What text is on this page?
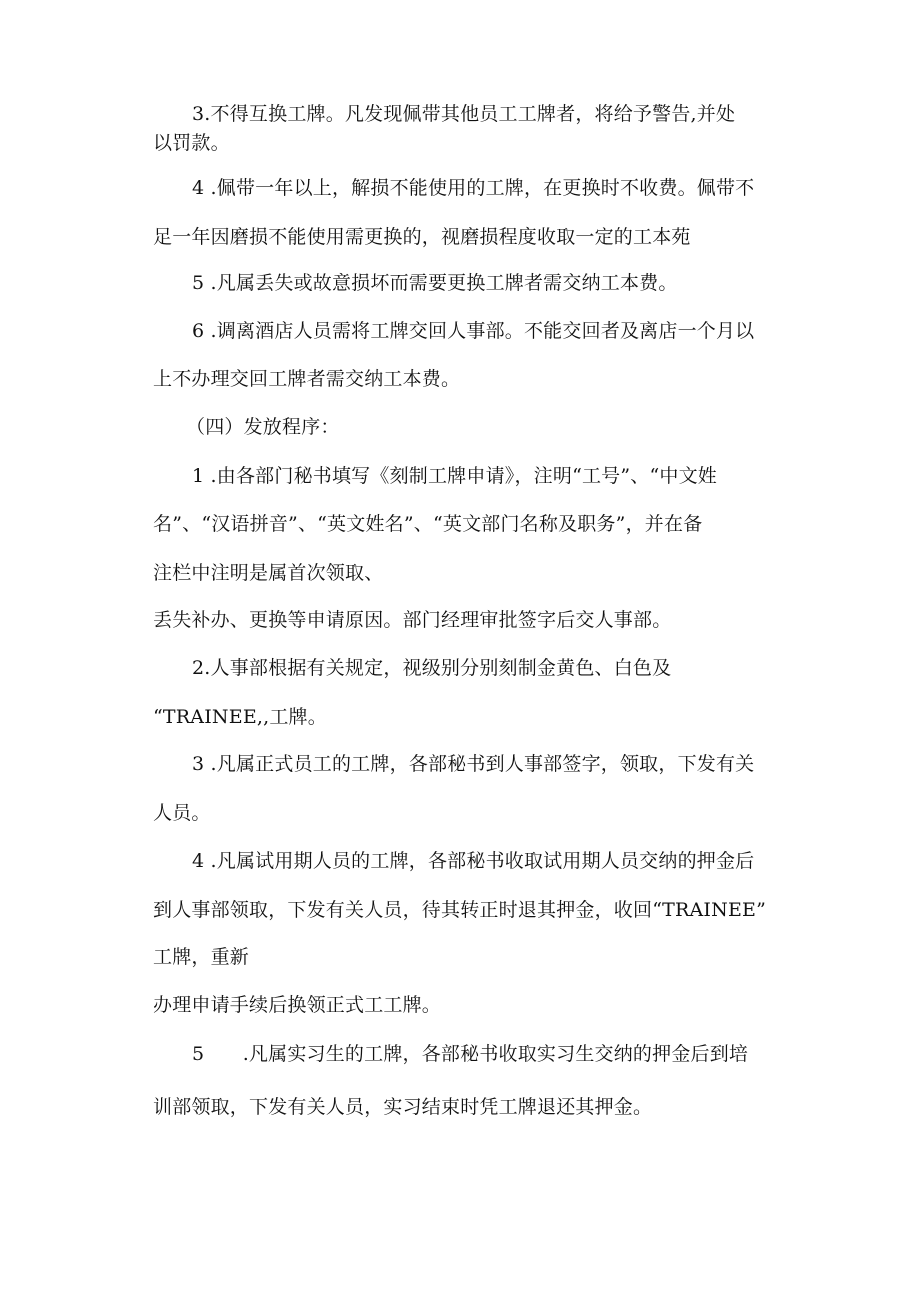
3.不得互换工牌。凡发现佩带其他员工工牌者，将给予警告,并处
以罚款。
4 .佩带一年以上，解损不能使用的工牌，在更换时不收费。佩带不
足一年因磨损不能使用需更换的，视磨损程度收取一定的工本苑
5 .凡属丢失或故意损坏而需要更换工牌者需交纳工本费。
6 .调离酒店人员需将工牌交回人事部。不能交回者及离店一个月以
上不办理交回工牌者需交纳工本费。
（四）发放程序：
1 .由各部门秘书填写《刻制工牌申请》，注明“工号”、“中文姓
名”、“汉语拼音”、“英文姓名”、“英文部门名称及职务”，并在备
注栏中注明是属首次领取、
丢失补办、更换等申请原因。部门经理审批签字后交人事部。
2.人事部根据有关规定，视级别分别刻制金黄色、白色及
“TRAINEE,,工牌。
3 .凡属正式员工的工牌，各部秘书到人事部签字，领取，下发有关
人员。
4 .凡属试用期人员的工牌，各部秘书收取试用期人员交纳的押金后
到人事部领取，下发有关人员，待其转正时退其押金，收回“TRAINEE”
工牌，重新
办理申请手续后换领正式工工牌。
5　　.凡属实习生的工牌，各部秘书收取实习生交纳的押金后到培
训部领取，下发有关人员，实习结束时凭工牌退还其押金。
